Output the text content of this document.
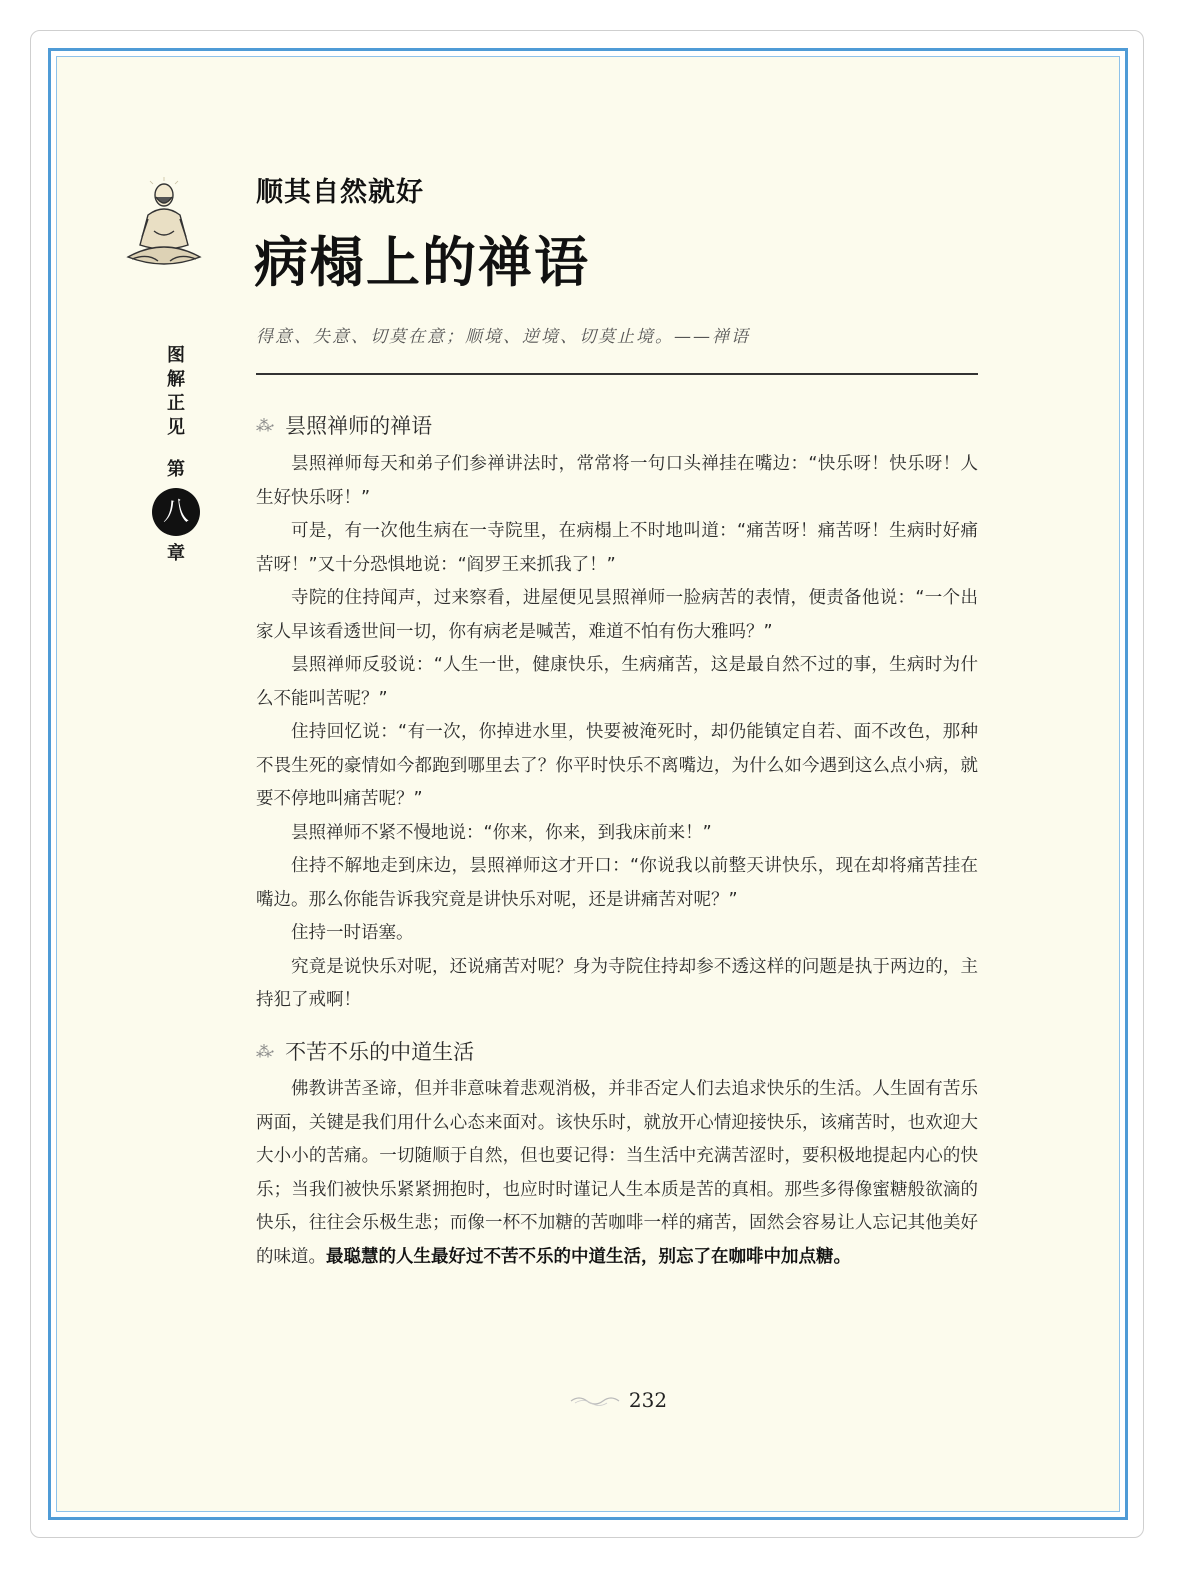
图解正见
第
八
章
顺其自然就好
病榻上的禅语
得意、失意、切莫在意；顺境、逆境、切莫止境。——禅语
⁂· 昙照禅师的禅语

昙照禅师每天和弟子们参禅讲法时，常常将一句口头禅挂在嘴边：“快乐呀！快乐呀！人生好快乐呀！”

可是，有一次他生病在一寺院里，在病榻上不时地叫道：“痛苦呀！痛苦呀！生病时好痛苦呀！”又十分恐惧地说：“阎罗王来抓我了！”

寺院的住持闻声，过来察看，进屋便见昙照禅师一脸病苦的表情，便责备他说：“一个出家人早该看透世间一切，你有病老是喊苦，难道不怕有伤大雅吗？”

昙照禅师反驳说：“人生一世，健康快乐，生病痛苦，这是最自然不过的事，生病时为什么不能叫苦呢？”

住持回忆说：“有一次，你掉进水里，快要被淹死时，却仍能镇定自若、面不改色，那种不畏生死的豪情如今都跑到哪里去了？你平时快乐不离嘴边，为什么如今遇到这么点小病，就要不停地叫痛苦呢？”

昙照禅师不紧不慢地说：“你来，你来，到我床前来！”

住持不解地走到床边，昙照禅师这才开口：“你说我以前整天讲快乐，现在却将痛苦挂在嘴边。那么你能告诉我究竟是讲快乐对呢，还是讲痛苦对呢？”

住持一时语塞。

究竟是说快乐对呢，还说痛苦对呢？身为寺院住持却参不透这样的问题是执于两边的，主持犯了戒啊！

⁂· 不苦不乐的中道生活

佛教讲苦圣谛，但并非意味着悲观消极，并非否定人们去追求快乐的生活。人生固有苦乐两面，关键是我们用什么心态来面对。该快乐时，就放开心情迎接快乐，该痛苦时，也欢迎大大小小的苦痛。一切随顺于自然，但也要记得：当生活中充满苦涩时，要积极地提起内心的快乐；当我们被快乐紧紧拥抱时，也应时时谨记人生本质是苦的真相。那些多得像蜜糖般欲滴的快乐，往往会乐极生悲；而像一杯不加糖的苦咖啡一样的痛苦，固然会容易让人忘记其他美好的味道。最聪慧的人生最好过不苦不乐的中道生活，别忘了在咖啡中加点糖。

232
